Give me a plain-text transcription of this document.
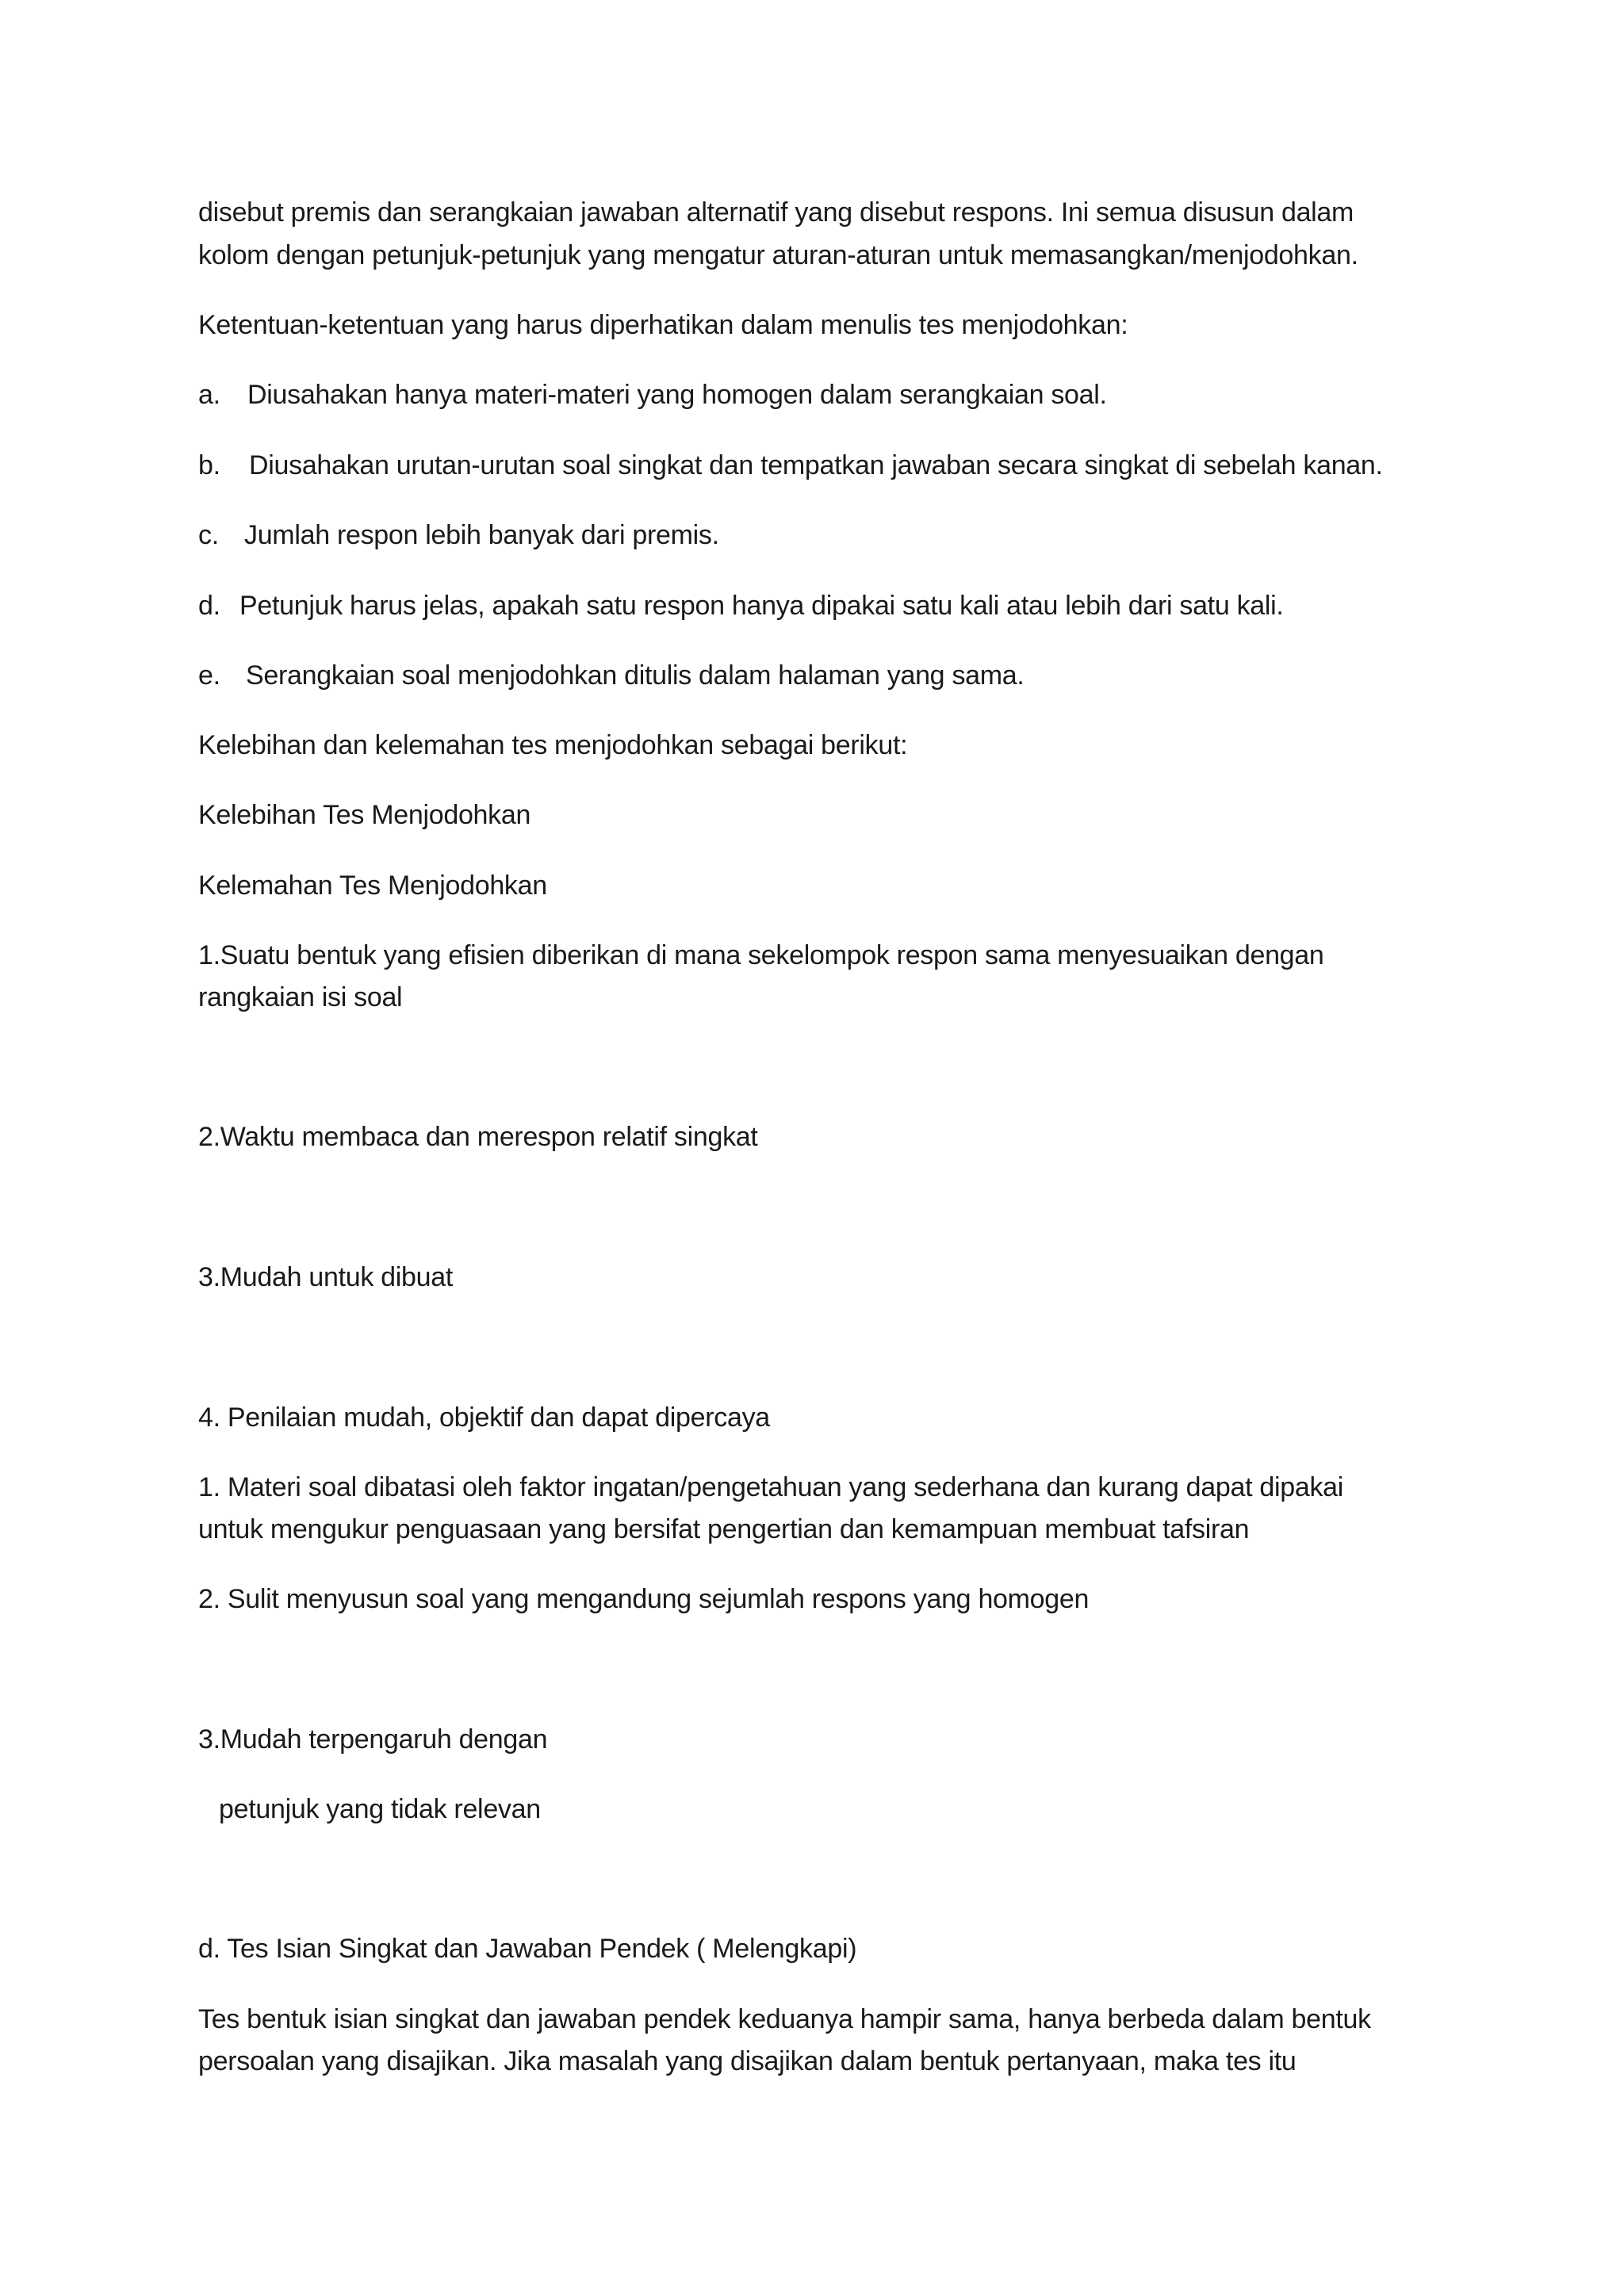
disebut premis dan serangkaian jawaban alternatif yang disebut respons. Ini semua disusun dalam
kolom dengan petunjuk-petunjuk yang mengatur aturan-aturan untuk memasangkan/menjodohkan.
Ketentuan-ketentuan yang harus diperhatikan dalam menulis tes menjodohkan:
a. Diusahakan hanya materi-materi yang homogen dalam serangkaian soal.
b. Diusahakan urutan-urutan soal singkat dan tempatkan jawaban secara singkat di sebelah kanan.
c. Jumlah respon lebih banyak dari premis.
d. Petunjuk harus jelas, apakah satu respon hanya dipakai satu kali atau lebih dari satu kali.
e. Serangkaian soal menjodohkan ditulis dalam halaman yang sama.
Kelebihan dan kelemahan tes menjodohkan sebagai berikut:
Kelebihan Tes Menjodohkan
Kelemahan Tes Menjodohkan
1.Suatu bentuk yang efisien diberikan di mana sekelompok respon sama menyesuaikan dengan
rangkaian isi soal
2.Waktu membaca dan merespon relatif singkat
3.Mudah untuk dibuat
4. Penilaian mudah, objektif dan dapat dipercaya
1. Materi soal dibatasi oleh faktor ingatan/pengetahuan yang sederhana dan kurang dapat dipakai
untuk mengukur penguasaan yang bersifat pengertian dan kemampuan membuat tafsiran
2. Sulit menyusun soal yang mengandung sejumlah respons yang homogen
3.Mudah terpengaruh dengan
petunjuk yang tidak relevan
d. Tes Isian Singkat dan Jawaban Pendek ( Melengkapi)
Tes bentuk isian singkat dan jawaban pendek keduanya hampir sama, hanya berbeda dalam bentuk
persoalan yang disajikan. Jika masalah yang disajikan dalam bentuk pertanyaan, maka tes itu
